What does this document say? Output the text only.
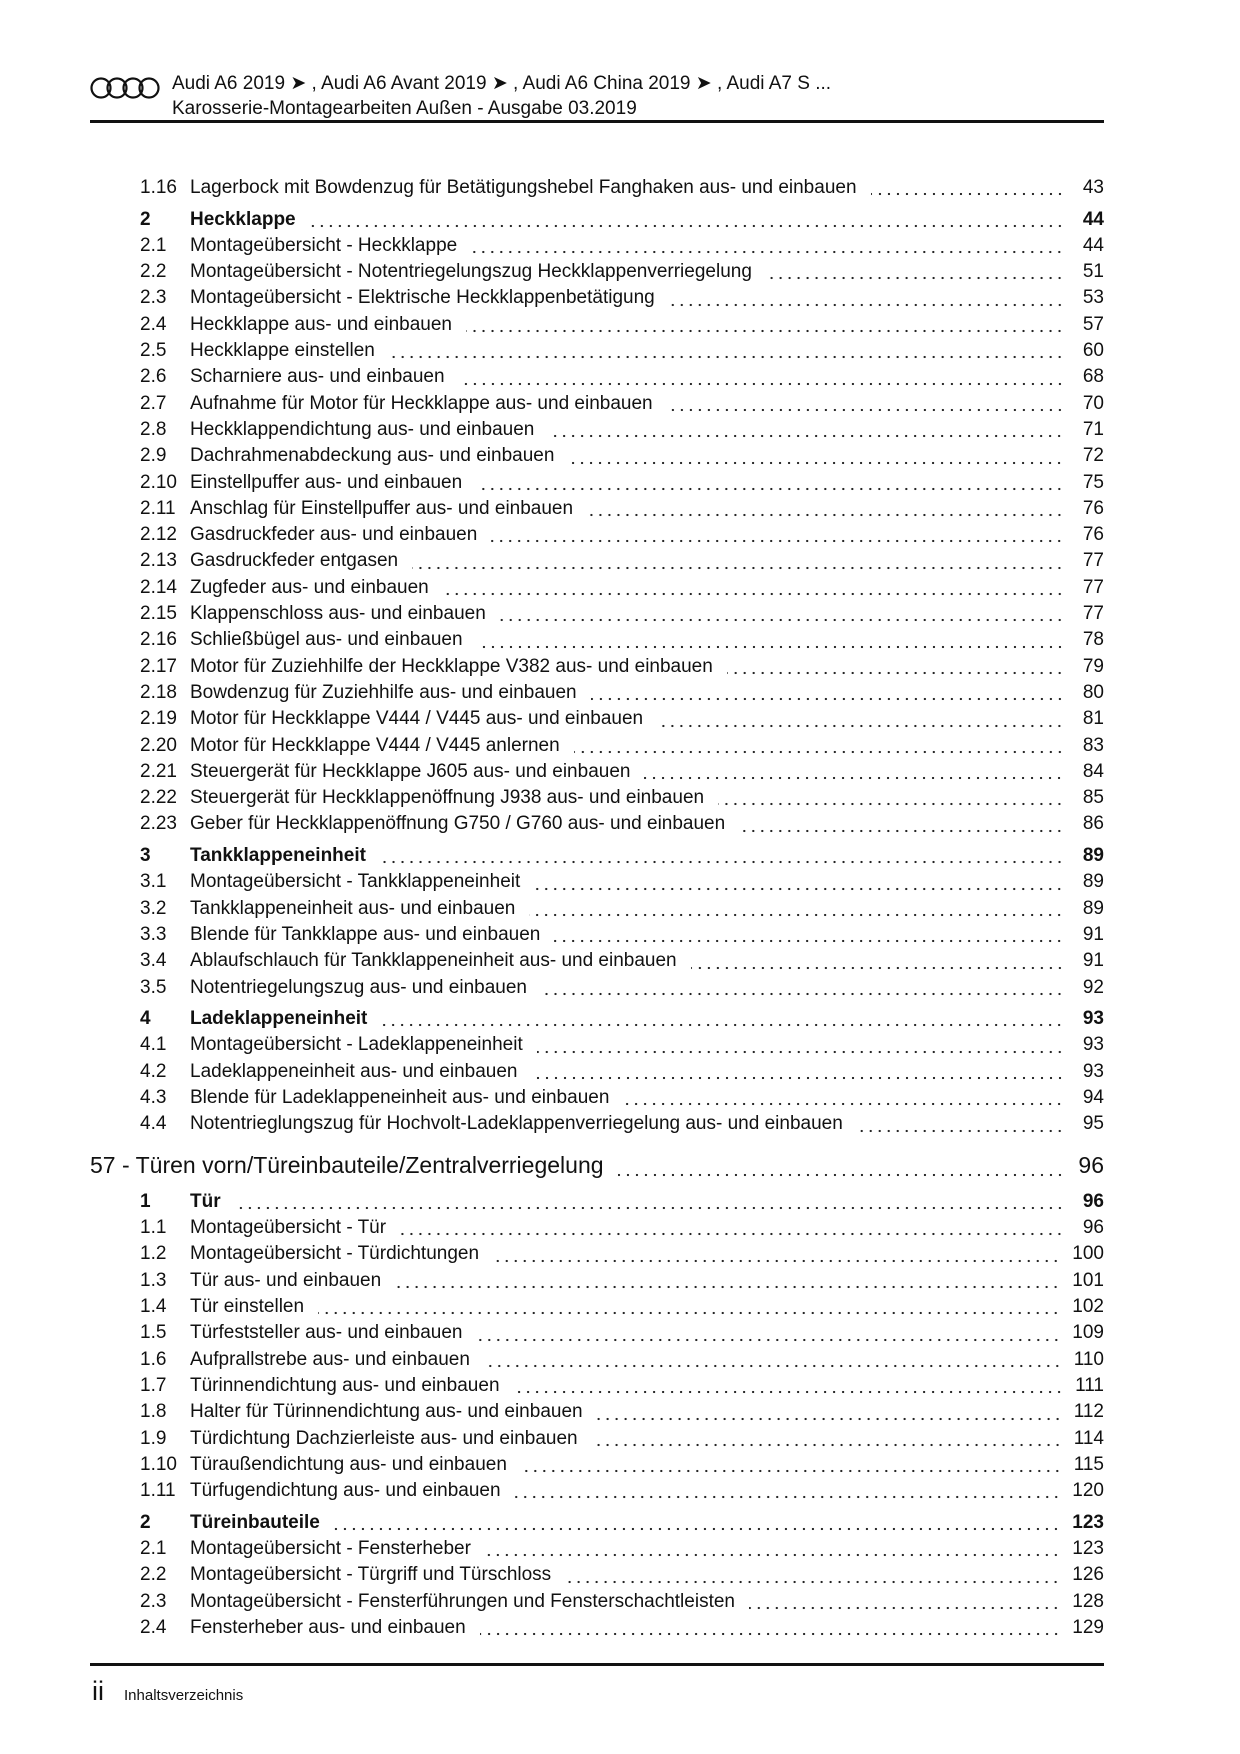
Audi A6 2019 ➤ , Audi A6 Avant 2019 ➤ , Audi A6 China 2019 ➤ , Audi A7 S ...
Karosserie-Montagearbeiten Außen - Ausgabe 03.2019
1.16 Lagerbock mit Bowdenzug für Betätigungshebel Fanghaken aus- und einbauen	43
2	Heckklappe	44
2.1	Montageübersicht - Heckklappe	44
2.2	Montageübersicht - Notentriegelungszug Heckklappenverriegelung	51
2.3	Montageübersicht - Elektrische Heckklappenbetätigung	53
2.4	Heckklappe aus- und einbauen	57
2.5	Heckklappe einstellen	60
2.6	Scharniere aus- und einbauen	68
2.7	Aufnahme für Motor für Heckklappe aus- und einbauen	70
2.8	Heckklappendichtung aus- und einbauen	71
2.9	Dachrahmenabdeckung aus- und einbauen	72
2.10 Einstellpuffer aus- und einbauen	75
2.11 Anschlag für Einstellpuffer aus- und einbauen	76
2.12 Gasdruckfeder aus- und einbauen	76
2.13 Gasdruckfeder entgasen	77
2.14 Zugfeder aus- und einbauen	77
2.15 Klappenschloss aus- und einbauen	77
2.16 Schließbügel aus- und einbauen	78
2.17 Motor für Zuziehhilfe der Heckklappe V382 aus- und einbauen	79
2.18 Bowdenzug für Zuziehhilfe aus- und einbauen	80
2.19 Motor für Heckklappe V444 / V445 aus- und einbauen	81
2.20 Motor für Heckklappe V444 / V445 anlernen	83
2.21 Steuergerät für Heckklappe J605 aus- und einbauen	84
2.22 Steuergerät für Heckklappenöffnung J938 aus- und einbauen	85
2.23 Geber für Heckklappenöffnung G750 / G760 aus- und einbauen	86
3	Tankklappeneinheit	89
3.1	Montageübersicht - Tankklappeneinheit	89
3.2	Tankklappeneinheit aus- und einbauen	89
3.3	Blende für Tankklappe aus- und einbauen	91
3.4	Ablaufschlauch für Tankklappeneinheit aus- und einbauen	91
3.5	Notentriegelungszug aus- und einbauen	92
4	Ladeklappeneinheit	93
4.1	Montageübersicht - Ladeklappeneinheit	93
4.2	Ladeklappeneinheit aus- und einbauen	93
4.3	Blende für Ladeklappeneinheit aus- und einbauen	94
4.4	Notentrieglungszug für Hochvolt-Ladeklappenverriegelung aus- und einbauen	95
57 - Türen vorn/Türeinbauteile/Zentralverriegelung	96
1	Tür	96
1.1	Montageübersicht - Tür	96
1.2	Montageübersicht - Türdichtungen	100
1.3	Tür aus- und einbauen	101
1.4	Tür einstellen	102
1.5	Türfeststeller aus- und einbauen	109
1.6	Aufprallstrebe aus- und einbauen	110
1.7	Türinnendichtung aus- und einbauen	111
1.8	Halter für Türinnendichtung aus- und einbauen	112
1.9	Türdichtung Dachzierleiste aus- und einbauen	114
1.10 Türaußendichtung aus- und einbauen	115
1.11 Türfugendichtung aus- und einbauen	120
2	Türeinbauteile	123
2.1	Montageübersicht - Fensterheber	123
2.2	Montageübersicht - Türgriff und Türschloss	126
2.3	Montageübersicht - Fensterführungen und Fensterschachtleisten	128
2.4	Fensterheber aus- und einbauen	129
ii Inhaltsverzeichnis
